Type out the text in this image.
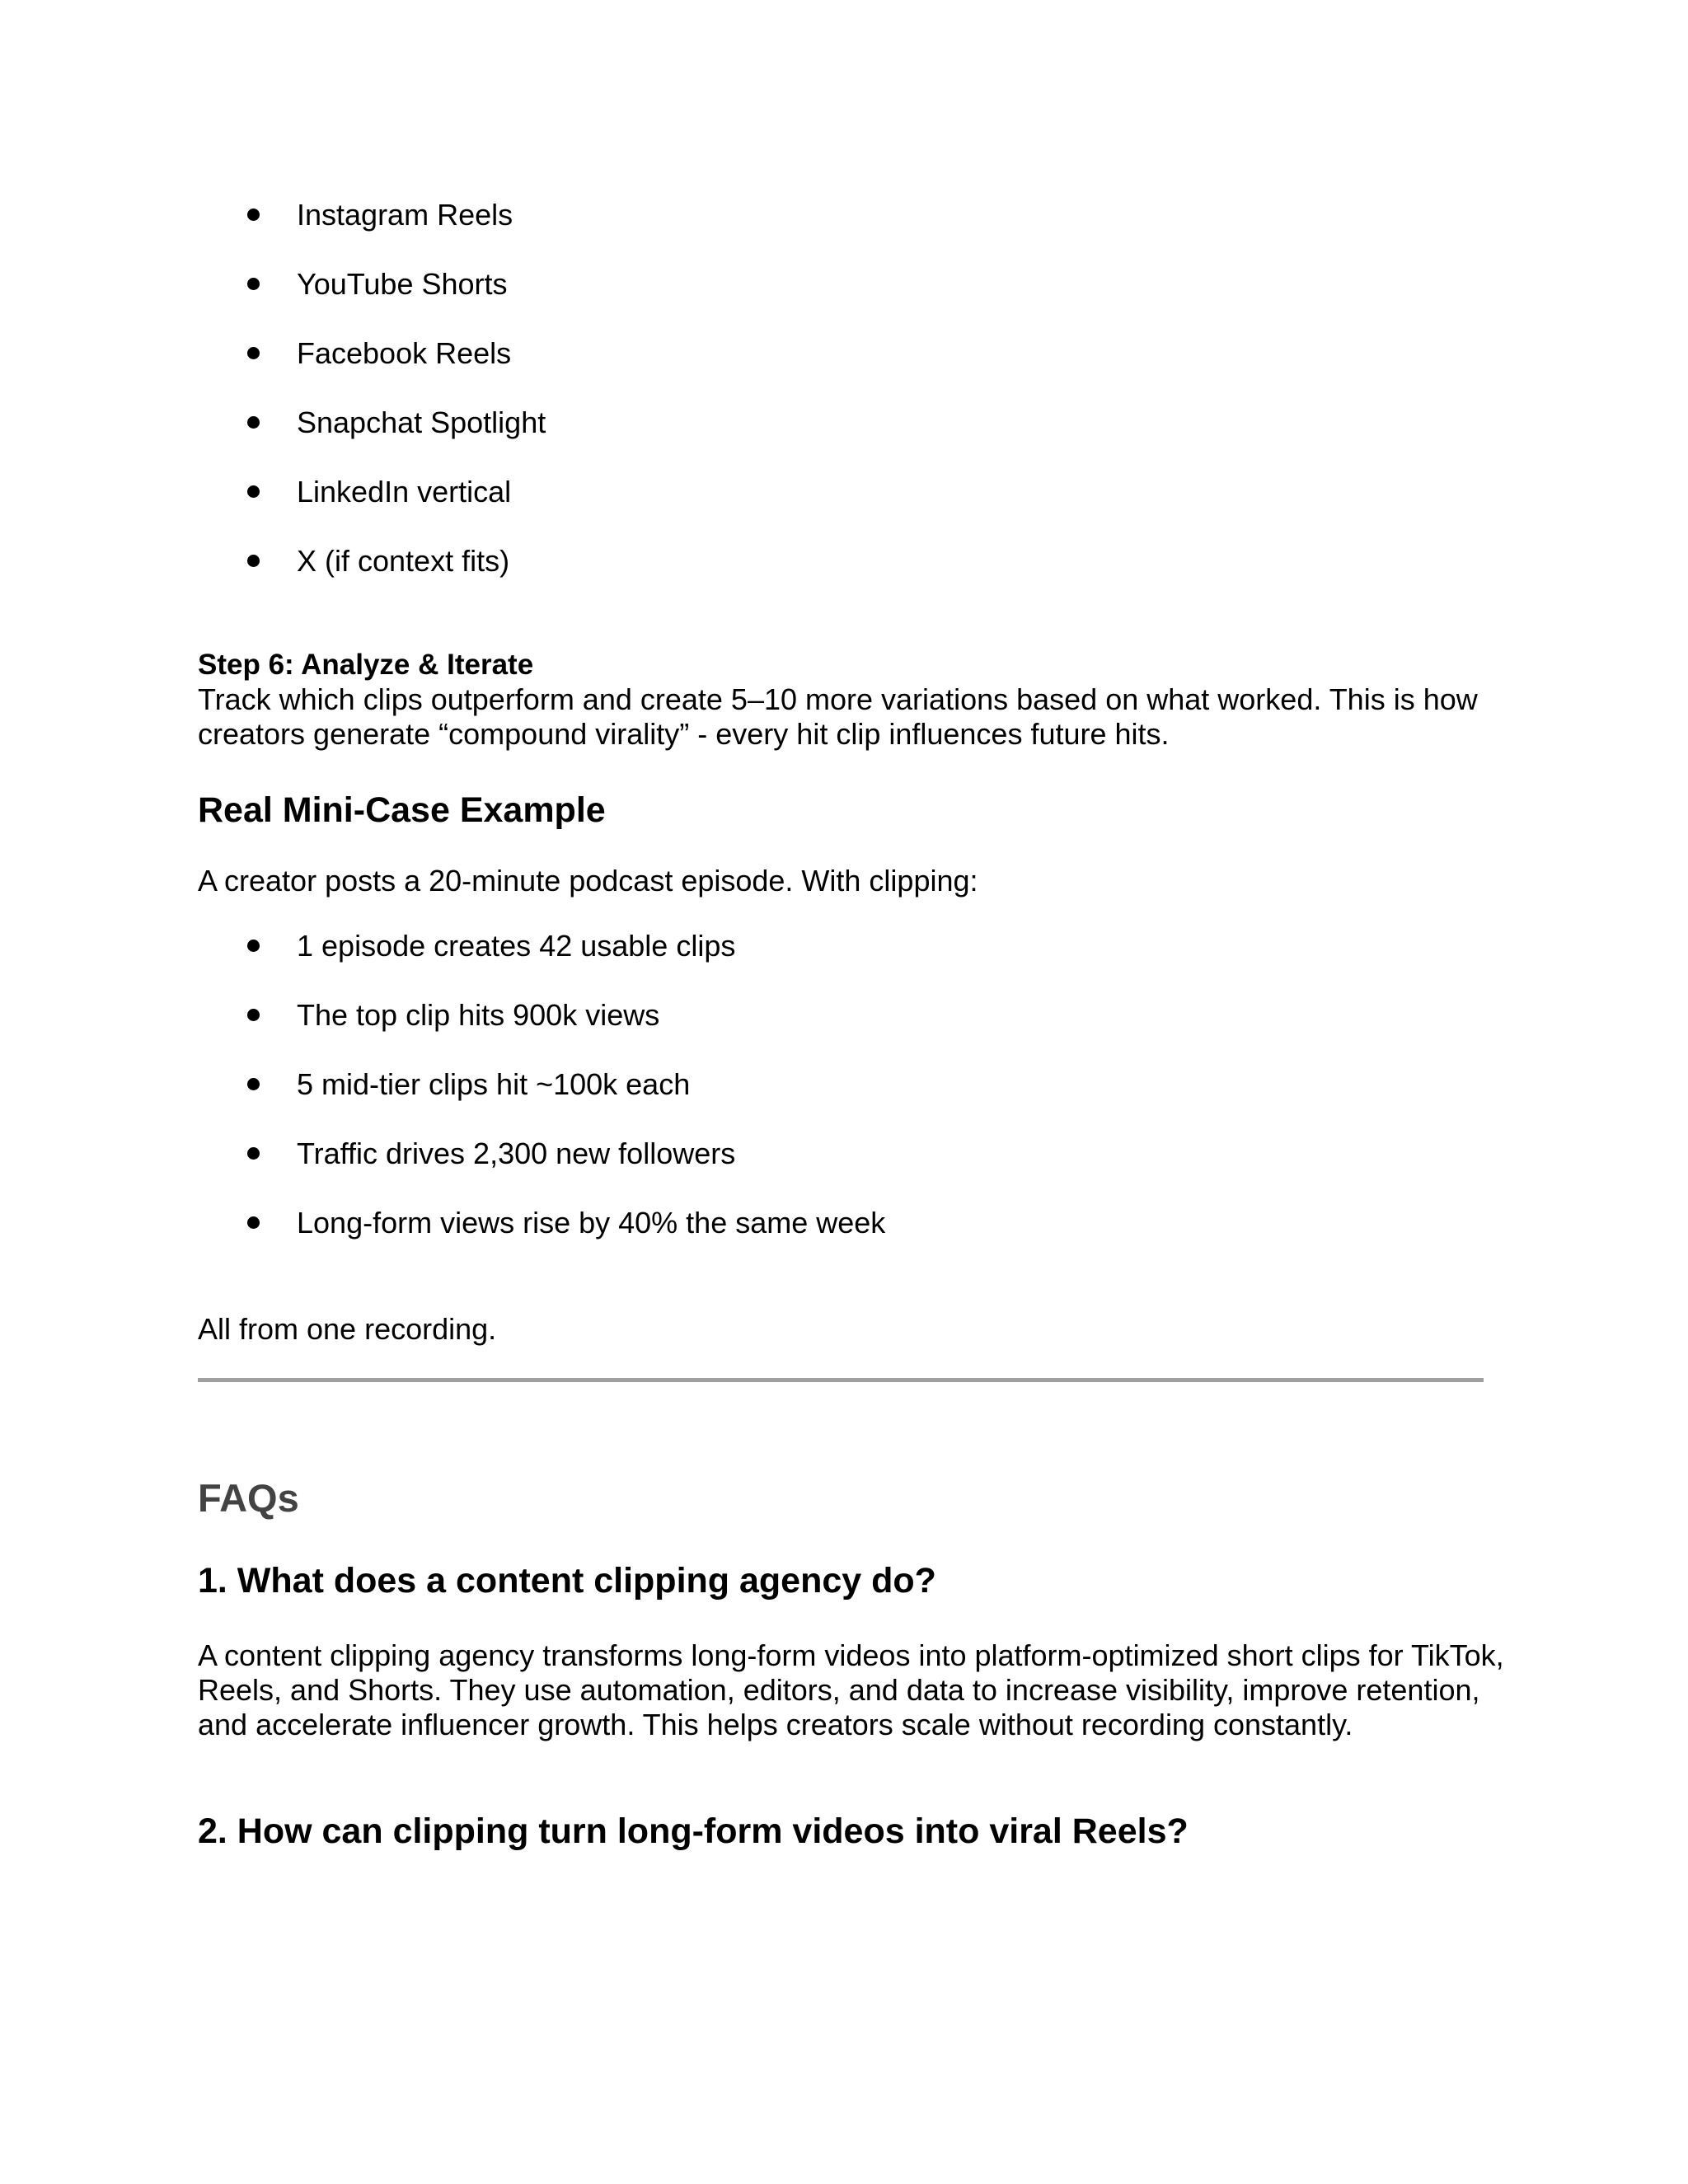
Instagram Reels
YouTube Shorts
Facebook Reels
Snapchat Spotlight
LinkedIn vertical
X (if context fits)
Step 6: Analyze & Iterate

Track which clips outperform and create 5–10 more variations based on what worked. This is how creators generate “compound virality” - every hit clip influences future hits.

Real Mini-Case Example

A creator posts a 20-minute podcast episode. With clipping:

1 episode creates 42 usable clips
The top clip hits 900k views
5 mid-tier clips hit ~100k each
Traffic drives 2,300 new followers
Long-form views rise by 40% the same week

All from one recording.

FAQs
1. What does a content clipping agency do?

A content clipping agency transforms long-form videos into platform-optimized short clips for TikTok, Reels, and Shorts. They use automation, editors, and data to increase visibility, improve retention, and accelerate influencer growth. This helps creators scale without recording constantly.

2. How can clipping turn long-form videos into viral Reels?
